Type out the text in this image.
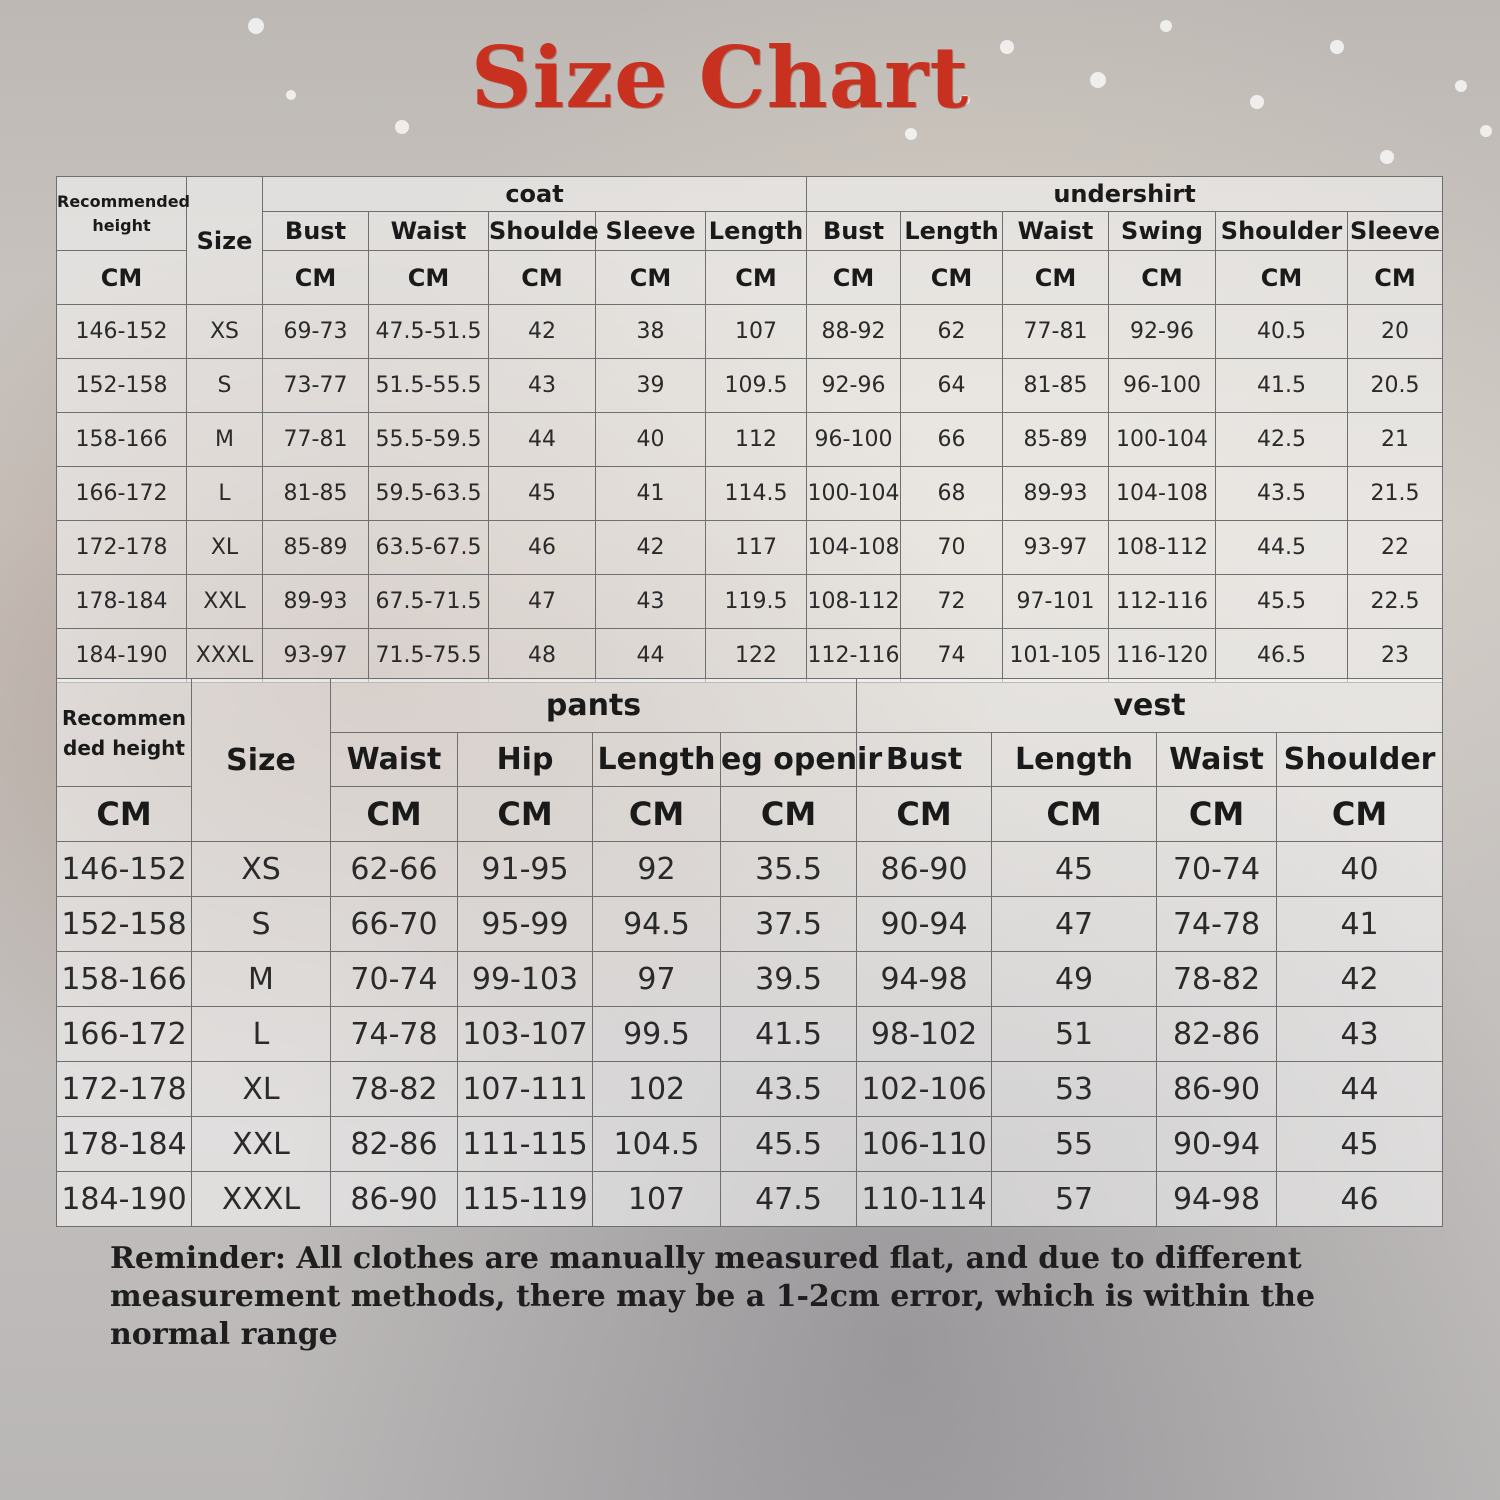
Size Chart
Recommended height	Size	coat					undershirt					
		Bust	Waist	Shoulde	Sleeve	Length	Bust	Length	Waist	Swing	Shoulder	Sleeve
CM		CM	CM	CM	CM	CM	CM	CM	CM	CM	CM	CM
146-152	XS	69-73	47.5-51.5	42	38	107	88-92	62	77-81	92-96	40.5	20
152-158	S	73-77	51.5-55.5	43	39	109.5	92-96	64	81-85	96-100	41.5	20.5
158-166	M	77-81	55.5-59.5	44	40	112	96-100	66	85-89	100-104	42.5	21
166-172	L	81-85	59.5-63.5	45	41	114.5	100-104	68	89-93	104-108	43.5	21.5
172-178	XL	85-89	63.5-67.5	46	42	117	104-108	70	93-97	108-112	44.5	22
178-184	XXL	89-93	67.5-71.5	47	43	119.5	108-112	72	97-101	112-116	45.5	22.5
184-190	XXXL	93-97	71.5-75.5	48	44	122	112-116	74	101-105	116-120	46.5	23
Recommen ded height	Size	pants				vest			
		Waist	Hip	Length	eg openir	Bust	Length	Waist	Shoulder
CM		CM	CM	CM	CM	CM	CM	CM	CM
146-152	XS	62-66	91-95	92	35.5	86-90	45	70-74	40
152-158	S	66-70	95-99	94.5	37.5	90-94	47	74-78	41
158-166	M	70-74	99-103	97	39.5	94-98	49	78-82	42
166-172	L	74-78	103-107	99.5	41.5	98-102	51	82-86	43
172-178	XL	78-82	107-111	102	43.5	102-106	53	86-90	44
178-184	XXL	82-86	111-115	104.5	45.5	106-110	55	90-94	45
184-190	XXXL	86-90	115-119	107	47.5	110-114	57	94-98	46
Reminder: All clothes are manually measured flat, and due to different measurement methods, there may be a 1-2cm error, which is within the normal range
